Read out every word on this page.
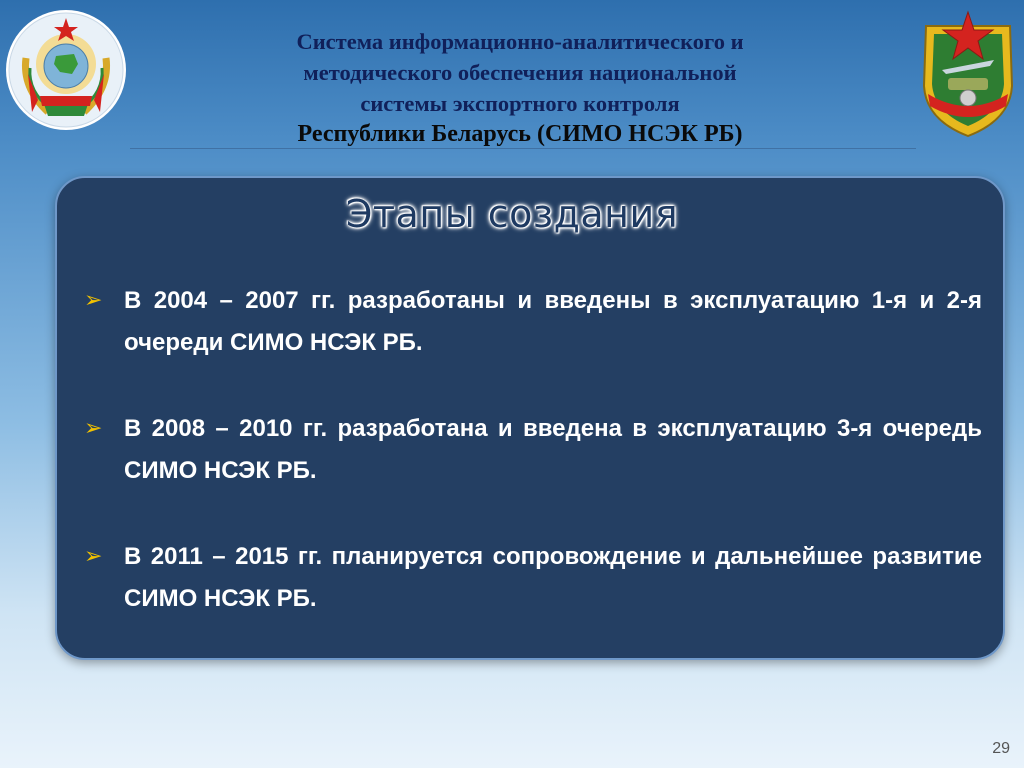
Система информационно-аналитического и
методического обеспечения национальной
системы экспортного контроля
Республики Беларусь (СИМО НСЭК РБ)
Этапы создания
➢ В 2004 – 2007 гг. разработаны и введены в эксплуатацию 1-я и 2-я очереди СИМО НСЭК РБ.
➢ В 2008 – 2010 гг. разработана и введена в эксплуатацию 3-я очередь СИМО НСЭК РБ.
➢ В 2011 – 2015 гг. планируется сопровождение и дальнейшее развитие СИМО НСЭК РБ.
29
